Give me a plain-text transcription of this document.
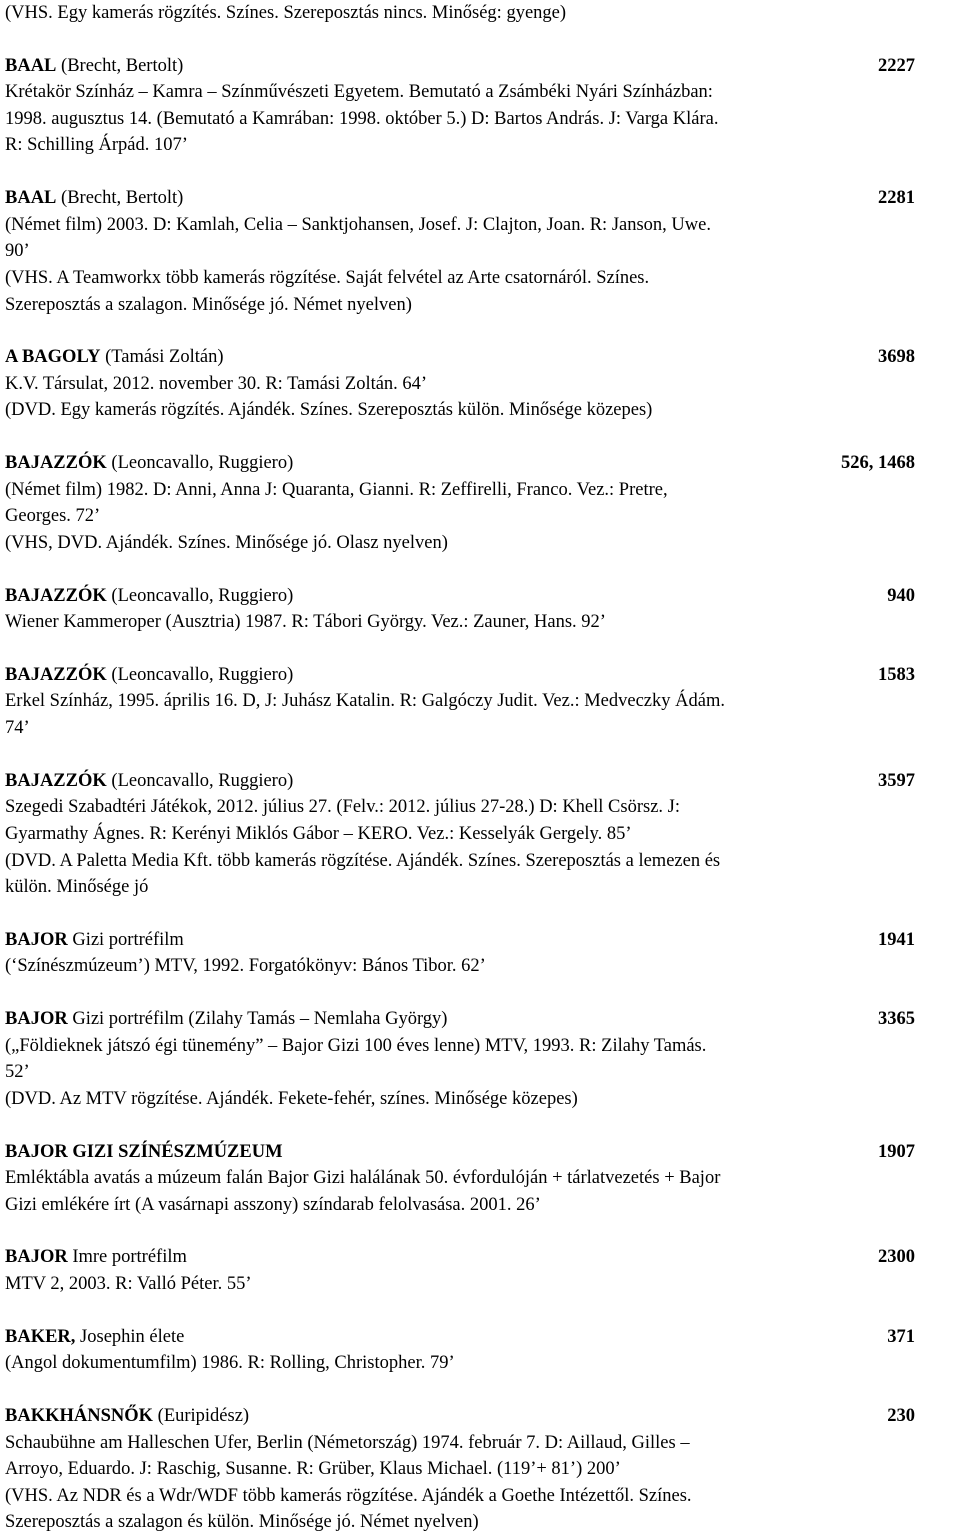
(VHS. Egy kamerás rögzítés. Színes. Szereposztás nincs. Minőség: gyenge)
BAAL (Brecht, Bertolt)	2227
Krétakör Színház – Kamra – Színművészeti Egyetem. Bemutató a Zsámbéki Nyári Színházban:
1998. augusztus 14. (Bemutató a Kamrában: 1998. október 5.) D: Bartos András. J: Varga Klára.
R: Schilling Árpád. 107’
BAAL (Brecht, Bertolt)	2281
(Német film) 2003. D: Kamlah, Celia – Sanktjohansen, Josef. J: Clajton, Joan. R: Janson, Uwe.
90’
(VHS. A Teamworkx több kamerás rögzítése. Saját felvétel az Arte csatornáról. Színes.
Szereposztás a szalagon. Minősége jó. Német nyelven)
A BAGOLY (Tamási Zoltán)	3698
K.V. Társulat, 2012. november 30. R: Tamási Zoltán. 64’
(DVD. Egy kamerás rögzítés. Ajándék. Színes. Szereposztás külön. Minősége közepes)
BAJAZZÓK (Leoncavallo, Ruggiero)	526, 1468
(Német film) 1982. D: Anni, Anna J: Quaranta, Gianni. R: Zeffirelli, Franco. Vez.: Pretre,
Georges. 72’
(VHS, DVD. Ajándék. Színes. Minősége jó. Olasz nyelven)
BAJAZZÓK (Leoncavallo, Ruggiero)	940
Wiener Kammeroper (Ausztria) 1987. R: Tábori György. Vez.: Zauner, Hans. 92’
BAJAZZÓK (Leoncavallo, Ruggiero)	1583
Erkel Színház, 1995. április 16. D, J: Juhász Katalin. R: Galgóczy Judit. Vez.: Medveczky Ádám.
74’
BAJAZZÓK (Leoncavallo, Ruggiero)	3597
Szegedi Szabadtéri Játékok, 2012. július 27. (Felv.: 2012. július 27-28.) D: Khell Csörsz. J:
Gyarmathy Ágnes. R: Kerényi Miklós Gábor – KERO. Vez.: Kesselyák Gergely. 85’
(DVD. A Paletta Media Kft. több kamerás rögzítése. Ajándék. Színes. Szereposztás a lemezen és
külön. Minősége jó
BAJOR Gizi portréfilm	1941
(‘Színészmúzeum’) MTV, 1992. Forgatókönyv: Bános Tibor. 62’
BAJOR Gizi portréfilm (Zilahy Tamás – Nemlaha György)	3365
(„Földieknek játszó égi tünemény” – Bajor Gizi 100 éves lenne) MTV, 1993. R: Zilahy Tamás.
52’
(DVD. Az MTV rögzítése. Ajándék. Fekete-fehér, színes. Minősége közepes)
BAJOR GIZI SZÍNÉSZMÚZEUM	1907
Emléktábla avatás a múzeum falán Bajor Gizi halálának 50. évfordulóján + tárlatvezetés + Bajor
Gizi emlékére írt (A vasárnapi asszony) színdarab felolvasása. 2001. 26’
BAJOR Imre portréfilm	2300
MTV 2, 2003. R: Valló Péter. 55’
BAKER, Josephin élete	371
(Angol dokumentumfilm) 1986. R: Rolling, Christopher. 79’
BAKKHÁNSNŐK (Euripidész)	230
Schaubühne am Halleschen Ufer, Berlin (Németország) 1974. február 7. D: Aillaud, Gilles –
Arroyo, Eduardo. J: Raschig, Susanne. R: Grüber, Klaus Michael. (119’+ 81’) 200’
(VHS. Az NDR és a Wdr/WDF több kamerás rögzítése. Ajándék a Goethe Intézettől. Színes.
Szereposztás a szalagon és külön. Minősége jó. Német nyelven)
